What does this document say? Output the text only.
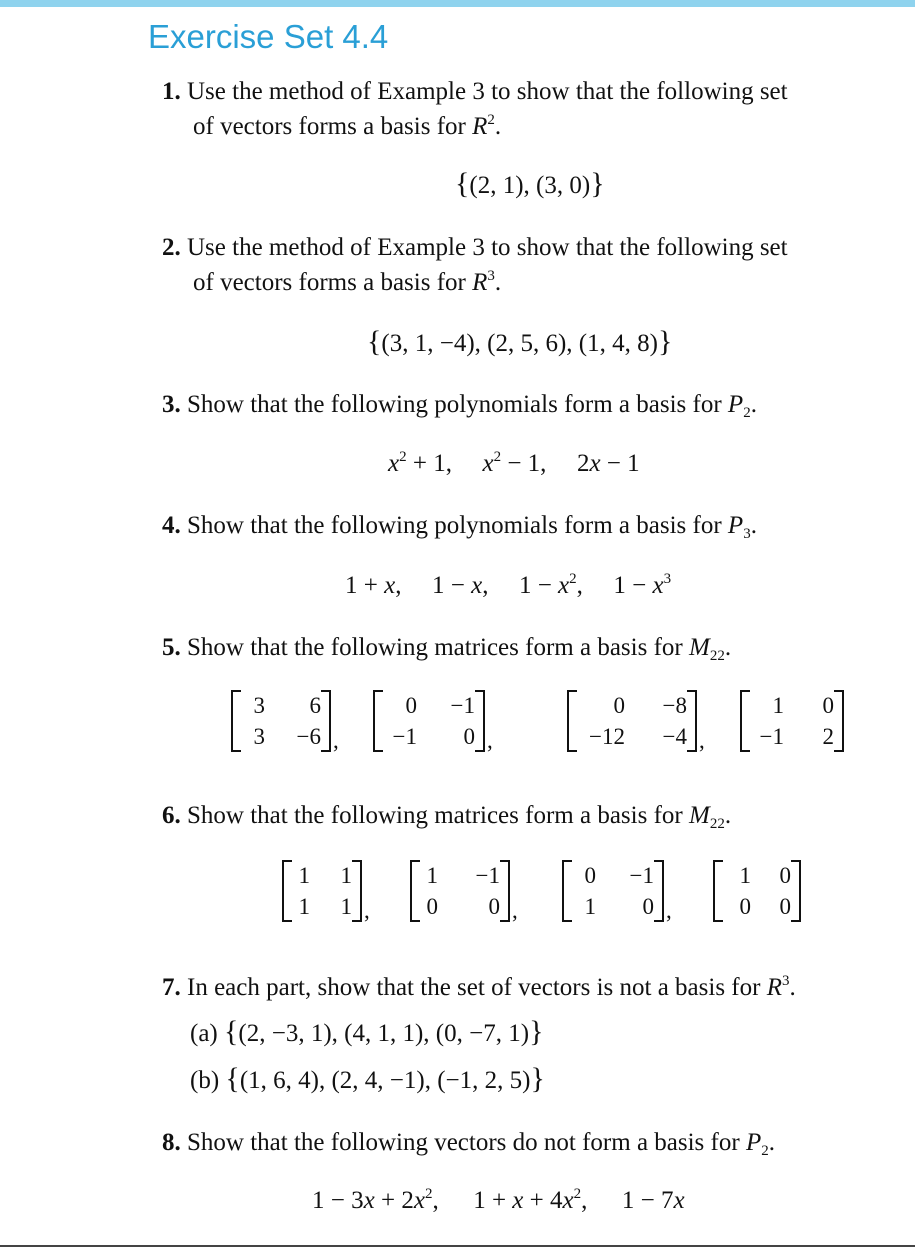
Exercise Set 4.4
1. Use the method of Example 3 to show that the following set
of vectors forms a basis for $R^2$.
{(2, 1), (3, 0)}
2. Use the method of Example 3 to show that the following set
of vectors forms a basis for $R^3$.
{(3, 1, −4), (2, 5, 6), (1, 4, 8)}
3. Show that the following polynomials form a basis for $P_2$.
$x^2 + 1$, $x^2 - 1$, 2x − 1
4. Show that the following polynomials form a basis for $P_3$.
1 + x, 1 − x, $1 - x^2$, $1 - x^3$
5. Show that the following matrices form a basis for $M_{22}$.
3	6
3	−6 ,
0	−1
−1	0 ,
0	−8
−12	−4 ,
1	0
−1	2
6. Show that the following matrices form a basis for $M_{22}$.
1	1
1	1 ,
1	−1
0	0 ,
0	−1
1	0 ,
1	0
0	0
7. In each part, show that the set of vectors is not a basis for $R^3$.
(a) {(2, −3, 1), (4, 1, 1), (0, −7, 1)}
(b) {(1, 6, 4), (2, 4, −1), (−1, 2, 5)}
8. Show that the following vectors do not form a basis for $P_2$.
$1 - 3x + 2x^2$, $1 + x + 4x^2$, 1 − 7x
